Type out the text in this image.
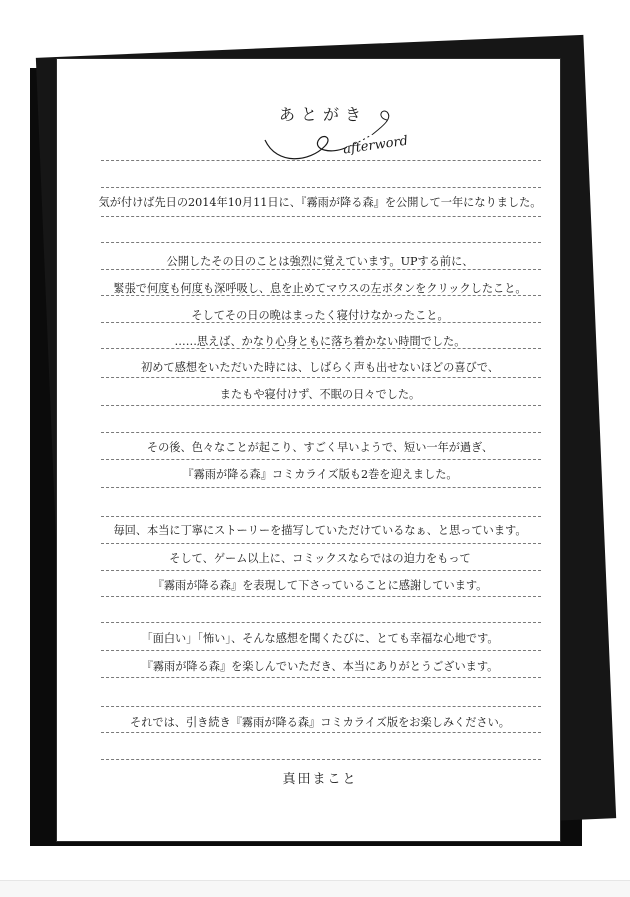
あとがき
afterword
気が付けば先日の2014年10月11日に、『霧雨が降る森』を公開して一年になりました。
公開したその日のことは強烈に覚えています。UPする前に、
緊張で何度も何度も深呼吸し、息を止めてマウスの左ボタンをクリックしたこと。
そしてその日の晩はまったく寝付けなかったこと。
……思えば、かなり心身ともに落ち着かない時間でした。
初めて感想をいただいた時には、しばらく声も出せないほどの喜びで、
またもや寝付けず、不眠の日々でした。
その後、色々なことが起こり、すごく早いようで、短い一年が過ぎ、
『霧雨が降る森』コミカライズ版も2巻を迎えました。
毎回、本当に丁寧にストーリーを描写していただけているなぁ、と思っています。
そして、ゲーム以上に、コミックスならではの迫力をもって
『霧雨が降る森』を表現して下さっていることに感謝しています。
「面白い」「怖い」、そんな感想を聞くたびに、とても幸福な心地です。
『霧雨が降る森』を楽しんでいただき、本当にありがとうございます。
それでは、引き続き『霧雨が降る森』コミカライズ版をお楽しみください。
真田まこと
